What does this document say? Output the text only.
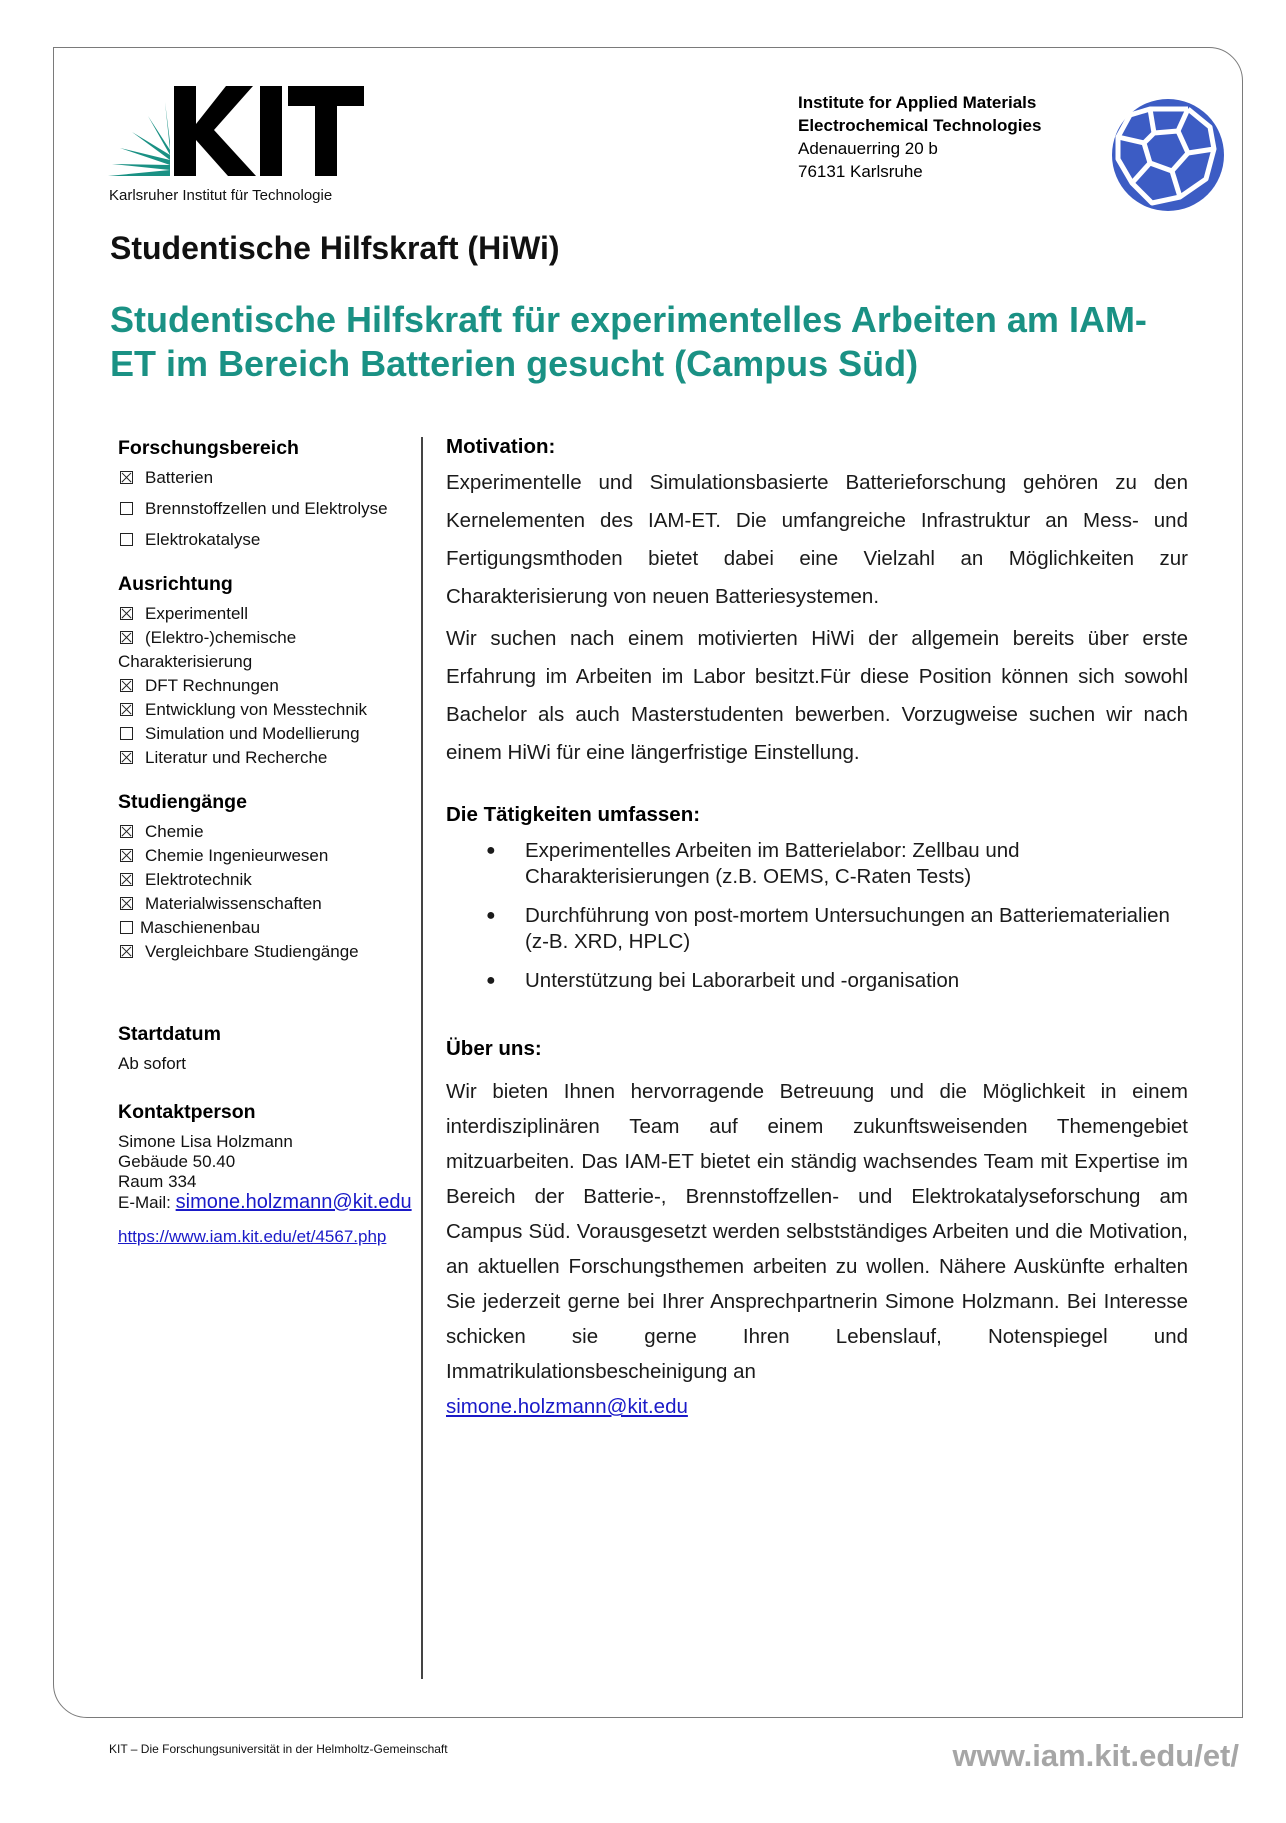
Karlsruher Institut für Technologie
Institute for Applied Materials
Electrochemical Technologies
Adenauerring 20 b
76131 Karlsruhe
Studentische Hilfskraft (HiWi)
Studentische Hilfskraft für experimentelles Arbeiten am IAM-ET im Bereich Batterien gesucht (Campus Süd)
Forschungsbereich
Batterien
Brennstoffzellen und Elektrolyse
Elektrokatalyse
Ausrichtung
Experimentell
(Elektro-)chemische
Charakterisierung
DFT Rechnungen
Entwicklung von Messtechnik
Simulation und Modellierung
Literatur und Recherche
Studiengänge
Chemie
Chemie Ingenieurwesen
Elektrotechnik
Materialwissenschaften
Maschienenbau
Vergleichbare Studiengänge
Startdatum
Ab sofort
Kontaktperson
Simone Lisa Holzmann
Gebäude 50.40
Raum 334
E-Mail: simone.holzmann@kit.edu
https://www.iam.kit.edu/et/4567.php
Motivation:

Experimentelle und Simulationsbasierte Batterieforschung gehören zu den Kernelementen des IAM-ET. Die umfangreiche Infrastruktur an Mess- und Fertigungsmthoden bietet dabei eine Vielzahl an Möglichkeiten zur Charakterisierung von neuen Batteriesystemen.

Wir suchen nach einem motivierten HiWi der allgemein bereits über erste Erfahrung im Arbeiten im Labor besitzt.Für diese Position können sich sowohl Bachelor als auch Masterstudenten bewerben. Vorzugweise suchen wir nach einem HiWi für eine längerfristige Einstellung.

Die Tätigkeiten umfassen:
● Experimentelles Arbeiten im Batterielabor: Zellbau und Charakterisierungen (z.B. OEMS, C-Raten Tests)
● Durchführung von post-mortem Untersuchungen an Batteriematerialien (z-B. XRD, HPLC)
● Unterstützung bei Laborarbeit und -organisation
Über uns:

Wir bieten Ihnen hervorragende Betreuung und die Möglichkeit in einem interdisziplinären Team auf einem zukunftsweisenden Themengebiet mitzuarbeiten. Das IAM-ET bietet ein ständig wachsendes Team mit Expertise im Bereich der Batterie-, Brennstoffzellen- und Elektrokatalyseforschung am Campus Süd. Vorausgesetzt werden selbstständiges Arbeiten und die Motivation, an aktuellen Forschungsthemen arbeiten zu wollen. Nähere Auskünfte erhalten Sie jederzeit gerne bei Ihrer Ansprechpartnerin Simone Holzmann. Bei Interesse schicken sie gerne Ihren Lebenslauf, Notenspiegel und Immatrikulationsbescheinigung an
simone.holzmann@kit.edu

KIT – Die Forschungsuniversität in der Helmholtz-Gemeinschaft	www.iam.kit.edu/et/
